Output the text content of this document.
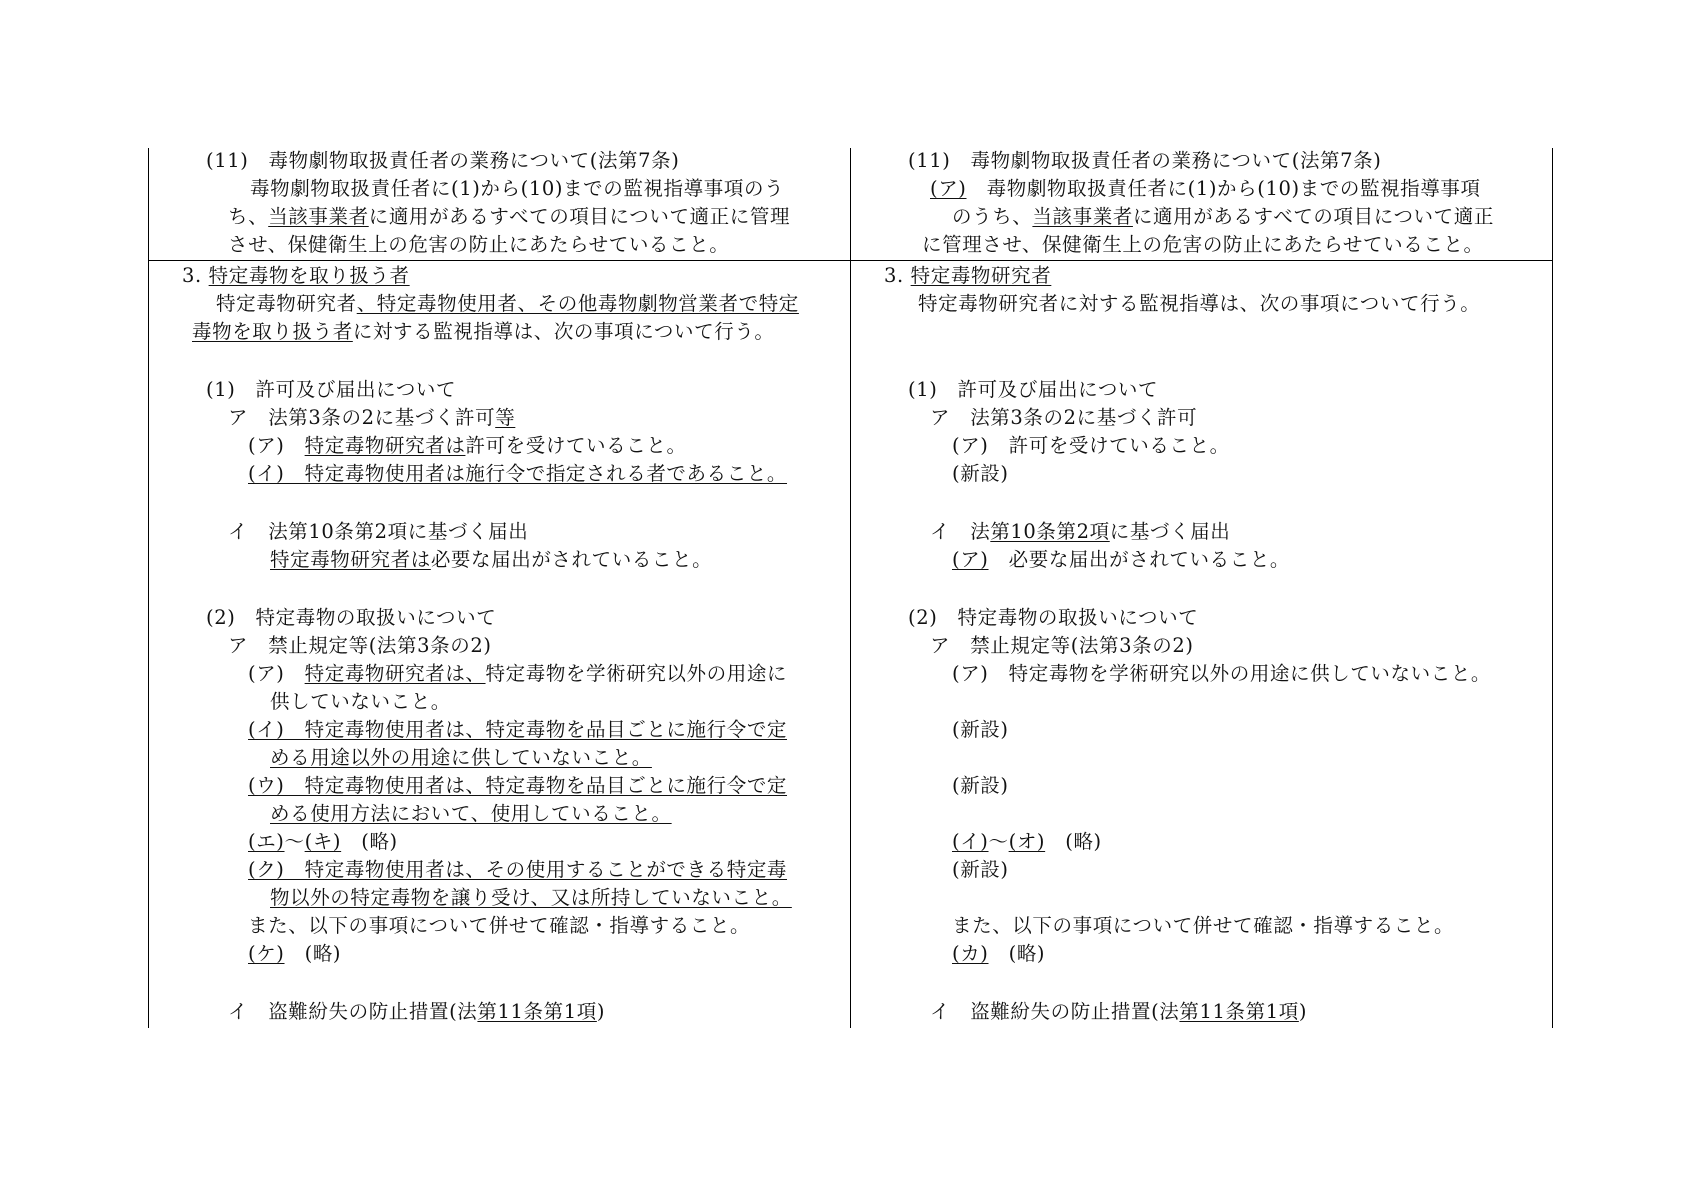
(11)　毒物劇物取扱責任者の業務について(法第7条)
毒物劇物取扱責任者に(1)から(10)までの監視指導事項のう
ち、当該事業者に適用があるすべての項目について適正に管理
させ、保健衛生上の危害の防止にあたらせていること。
3. 特定毒物を取り扱う者
特定毒物研究者、特定毒物使用者、その他毒物劇物営業者で特定
毒物を取り扱う者に対する監視指導は、次の事項について行う。
(1)　許可及び届出について
ア　法第3条の2に基づく許可等
(ア)　特定毒物研究者は許可を受けていること。
(イ)　特定毒物使用者は施行令で指定される者であること。
イ　法第10条第2項に基づく届出
特定毒物研究者は必要な届出がされていること。
(2)　特定毒物の取扱いについて
ア　禁止規定等(法第3条の2)
(ア)　特定毒物研究者は、特定毒物を学術研究以外の用途に
供していないこと。
(イ)　特定毒物使用者は、特定毒物を品目ごとに施行令で定
める用途以外の用途に供していないこと。
(ウ)　特定毒物使用者は、特定毒物を品目ごとに施行令で定
める使用方法において、使用していること。
(エ)～(キ)　(略)
(ク)　特定毒物使用者は、その使用することができる特定毒
物以外の特定毒物を譲り受け、又は所持していないこと。
また、以下の事項について併せて確認・指導すること。
(ケ)　(略)
イ　盗難紛失の防止措置(法第11条第1項)
(11)　毒物劇物取扱責任者の業務について(法第7条)
(ア)　毒物劇物取扱責任者に(1)から(10)までの監視指導事項
のうち、当該事業者に適用があるすべての項目について適正
に管理させ、保健衛生上の危害の防止にあたらせていること。
3. 特定毒物研究者
特定毒物研究者に対する監視指導は、次の事項について行う。
(1)　許可及び届出について
ア　法第3条の2に基づく許可
(ア)　許可を受けていること。
(新設)
イ　法第10条第2項に基づく届出
(ア)　必要な届出がされていること。
(2)　特定毒物の取扱いについて
ア　禁止規定等(法第3条の2)
(ア)　特定毒物を学術研究以外の用途に供していないこと。
(新設)
(新設)
(イ)～(オ)　(略)
(新設)
また、以下の事項について併せて確認・指導すること。
(カ)　(略)
イ　盗難紛失の防止措置(法第11条第1項)
